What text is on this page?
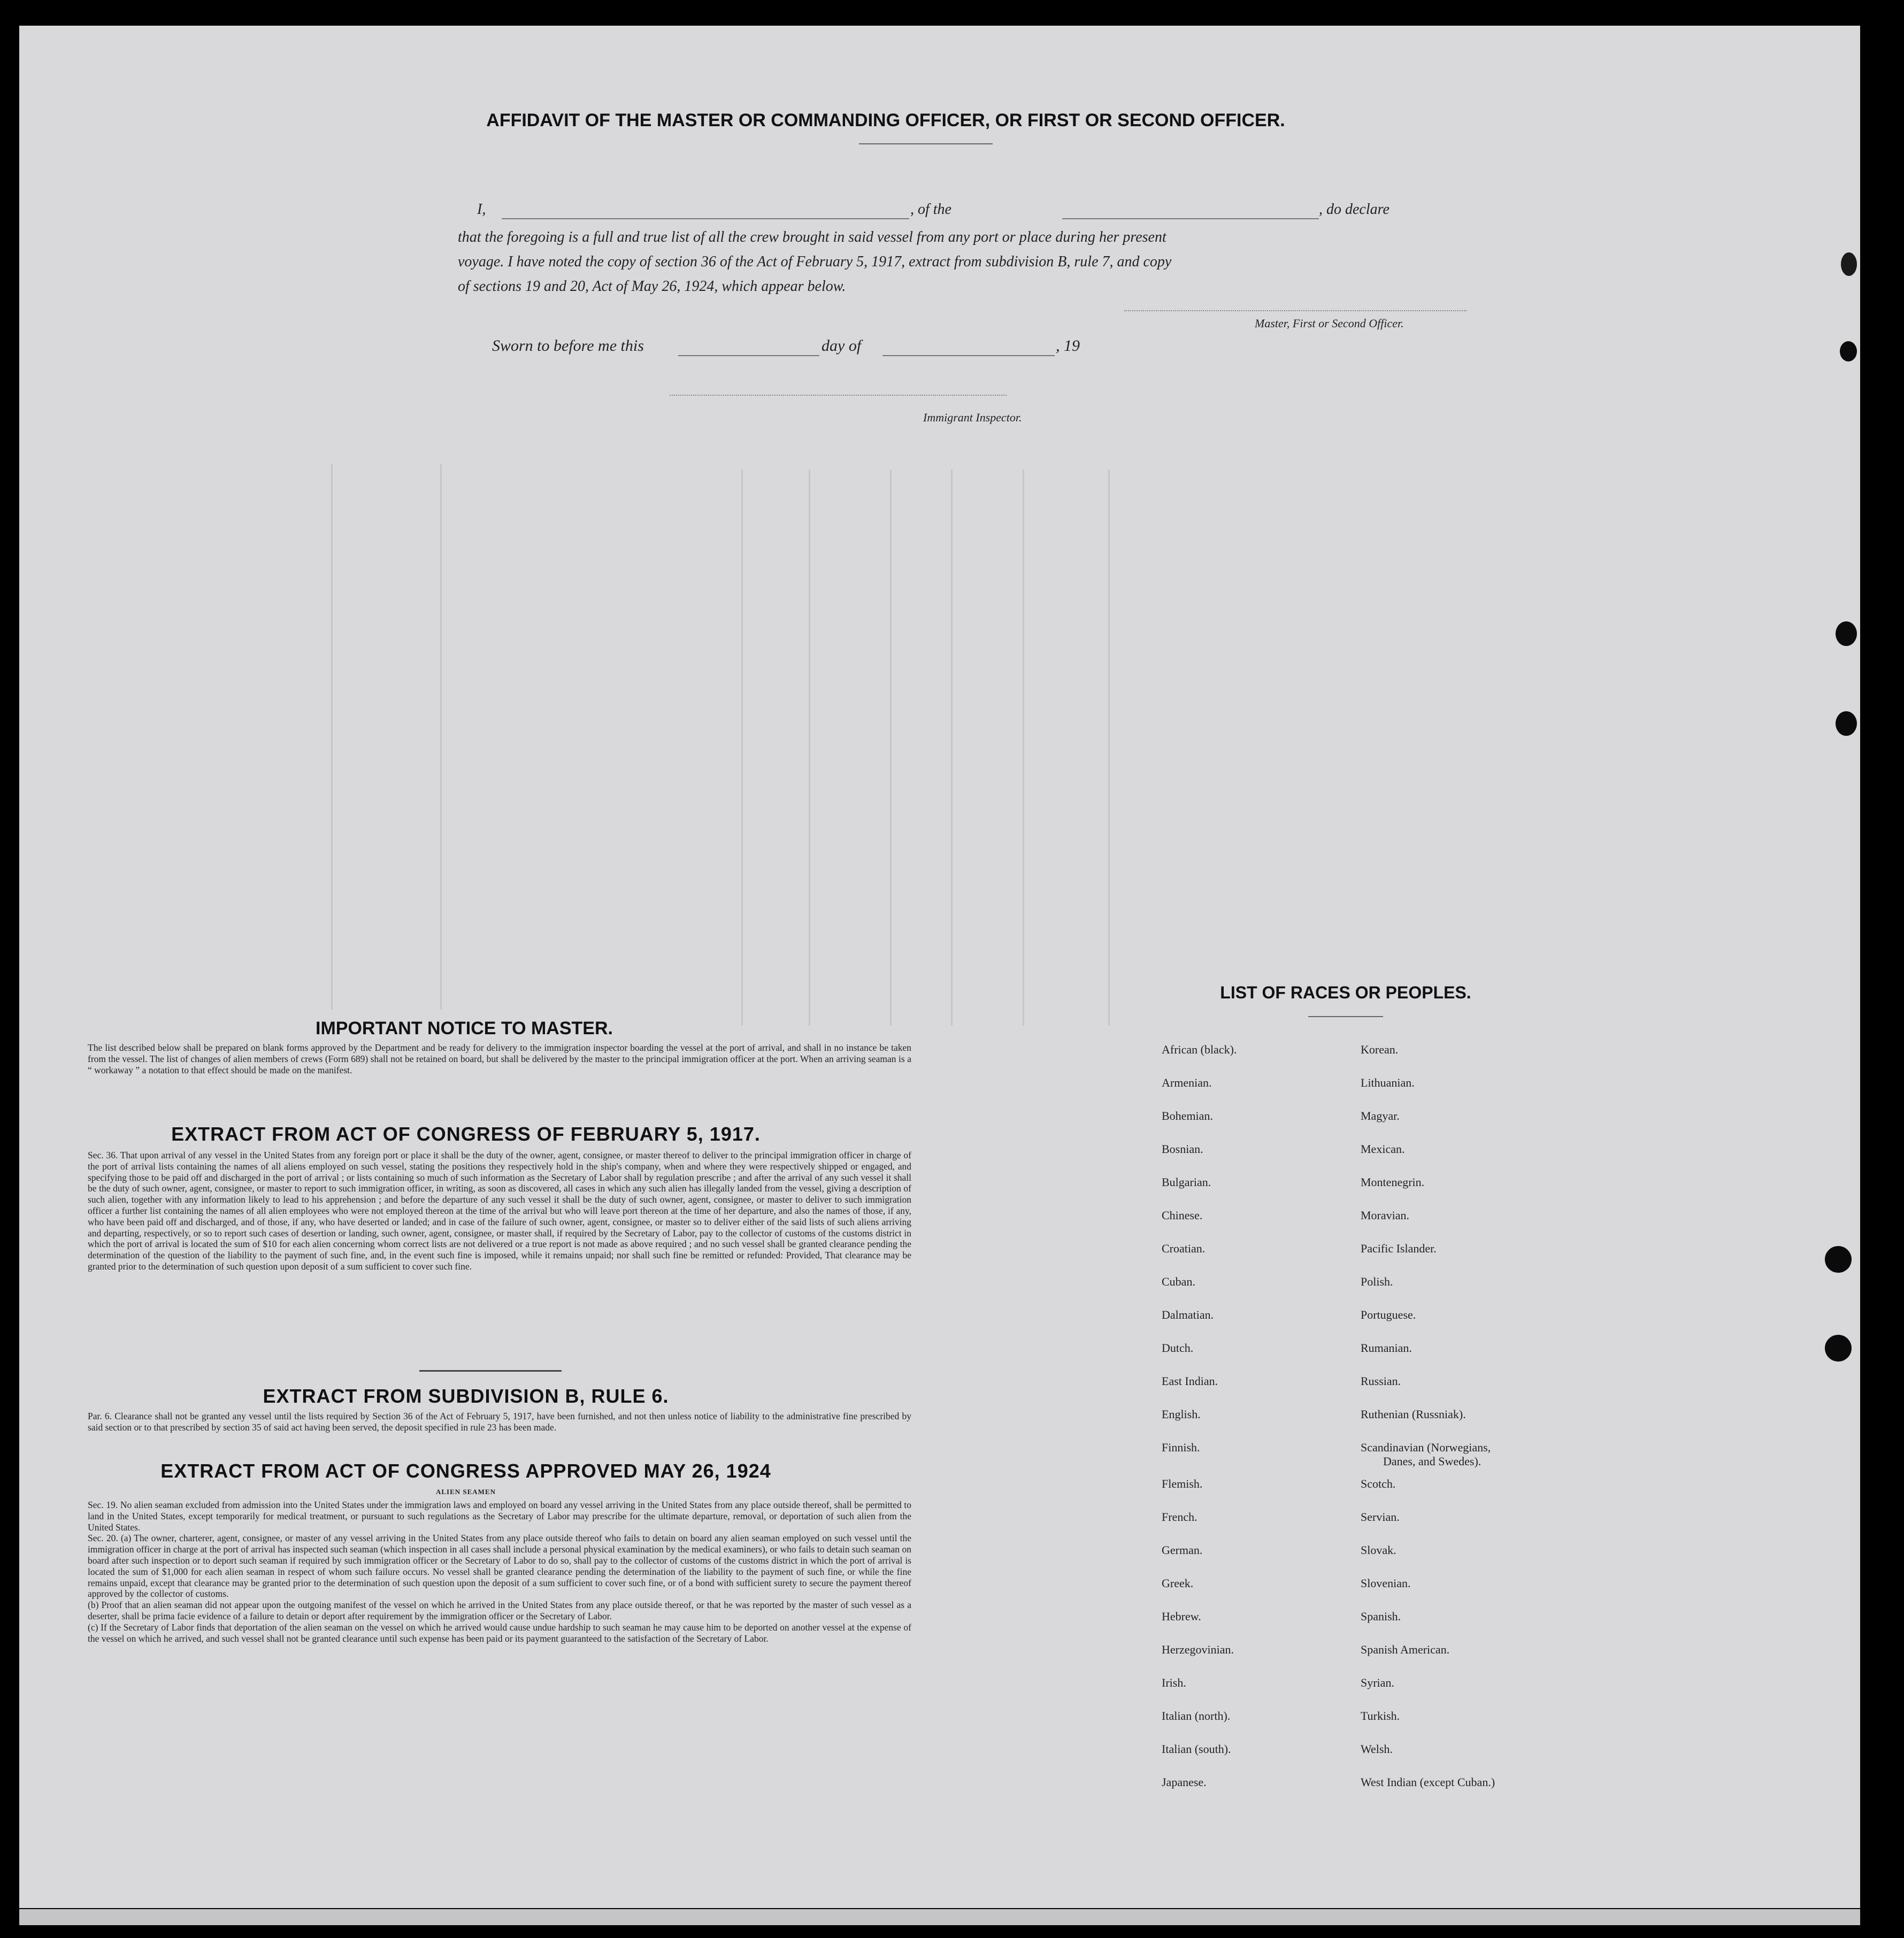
AFFIDAVIT OF THE MASTER OR COMMANDING OFFICER, OR FIRST OR SECOND OFFICER.
I,	, of the	, do declare
that the foregoing is a full and true list of all the crew brought in said vessel from any port or place during her present
voyage. I have noted the copy of section 36 of the Act of February 5, 1917, extract from subdivision B, rule 7, and copy
of sections 19 and 20, Act of May 26, 1924, which appear below.
Master, First or Second Officer.
Sworn to before me this	day of	, 19
Immigrant Inspector.
IMPORTANT NOTICE TO MASTER.
The list described below shall be prepared on blank forms approved by the Department and be ready for delivery to the immigration inspector boarding the vessel at the port of arrival, and shall in no instance be taken from the vessel. The list of changes of alien members of crews (Form 689) shall not be retained on board, but shall be delivered by the master to the principal immigration officer at the port. When an arriving seaman is a “ workaway ” a notation to that effect should be made on the manifest.
EXTRACT FROM ACT OF CONGRESS OF FEBRUARY 5, 1917.
Sec. 36. That upon arrival of any vessel in the United States from any foreign port or place it shall be the duty of the owner, agent, consignee, or master thereof to deliver to the principal immigration officer in charge of the port of arrival lists containing the names of all aliens employed on such vessel, stating the positions they respectively hold in the ship's company, when and where they were respectively shipped or engaged, and specifying those to be paid off and discharged in the port of arrival ; or lists containing so much of such information as the Secretary of Labor shall by regulation prescribe ; and after the arrival of any such vessel it shall be the duty of such owner, agent, consignee, or master to report to such immigration officer, in writing, as soon as discovered, all cases in which any such alien has illegally landed from the vessel, giving a description of such alien, together with any information likely to lead to his apprehension ; and before the departure of any such vessel it shall be the duty of such owner, agent, consignee, or master to deliver to such immigration officer a further list containing the names of all alien employees who were not employed thereon at the time of the arrival but who will leave port thereon at the time of her departure, and also the names of those, if any, who have been paid off and discharged, and of those, if any, who have deserted or landed; and in case of the failure of such owner, agent, consignee, or master so to deliver either of the said lists of such aliens arriving and departing, respectively, or so to report such cases of desertion or landing, such owner, agent, consignee, or master shall, if required by the Secretary of Labor, pay to the collector of customs of the customs district in which the port of arrival is located the sum of $10 for each alien concerning whom correct lists are not delivered or a true report is not made as above required ; and no such vessel shall be granted clearance pending the determination of the question of the liability to the payment of such fine, and, in the event such fine is imposed, while it remains unpaid; nor shall such fine be remitted or refunded: Provided, That clearance may be granted prior to the determination of such question upon deposit of a sum sufficient to cover such fine.
EXTRACT FROM SUBDIVISION B, RULE 6.
Par. 6. Clearance shall not be granted any vessel until the lists required by Section 36 of the Act of February 5, 1917, have been furnished, and not then unless notice of liability to the administrative fine prescribed by said section or to that prescribed by section 35 of said act having been served, the deposit specified in rule 23 has been made.
EXTRACT FROM ACT OF CONGRESS APPROVED MAY 26, 1924
ALIEN SEAMEN
Sec. 19. No alien seaman excluded from admission into the United States under the immigration laws and employed on board any vessel arriving in the United States from any place outside thereof, shall be permitted to land in the United States, except temporarily for medical treatment, or pursuant to such regulations as the Secretary of Labor may prescribe for the ultimate departure, removal, or deportation of such alien from the United States.
Sec. 20. (a) The owner, charterer, agent, consignee, or master of any vessel arriving in the United States from any place outside thereof who fails to detain on board any alien seaman employed on such vessel until the immigration officer in charge at the port of arrival has inspected such seaman (which inspection in all cases shall include a personal physical examination by the medical examiners), or who fails to detain such seaman on board after such inspection or to deport such seaman if required by such immigration officer or the Secretary of Labor to do so, shall pay to the collector of customs of the customs district in which the port of arrival is located the sum of $1,000 for each alien seaman in respect of whom such failure occurs. No vessel shall be granted clearance pending the determination of the liability to the payment of such fine, or while the fine remains unpaid, except that clearance may be granted prior to the determination of such question upon the deposit of a sum sufficient to cover such fine, or of a bond with sufficient surety to secure the payment thereof approved by the collector of customs.
(b) Proof that an alien seaman did not appear upon the outgoing manifest of the vessel on which he arrived in the United States from any place outside thereof, or that he was reported by the master of such vessel as a deserter, shall be prima facie evidence of a failure to detain or deport after requirement by the immigration officer or the Secretary of Labor.
(c) If the Secretary of Labor finds that deportation of the alien seaman on the vessel on which he arrived would cause undue hardship to such seaman he may cause him to be deported on another vessel at the expense of the vessel on which he arrived, and such vessel shall not be granted clearance until such expense has been paid or its payment guaranteed to the satisfaction of the Secretary of Labor.
LIST OF RACES OR PEOPLES.
African (black).
Armenian.
Bohemian.
Bosnian.
Bulgarian.
Chinese.
Croatian.
Cuban.
Dalmatian.
Dutch.
East Indian.
English.
Finnish.
Flemish.
French.
German.
Greek.
Hebrew.
Herzegovinian.
Irish.
Italian (north).
Italian (south).
Japanese.
Korean.
Lithuanian.
Magyar.
Mexican.
Montenegrin.
Moravian.
Pacific Islander.
Polish.
Portuguese.
Rumanian.
Russian.
Ruthenian (Russniak).
Scandinavian (Norwegians,
Danes, and Swedes).
Scotch.
Servian.
Slovak.
Slovenian.
Spanish.
Spanish American.
Syrian.
Turkish.
Welsh.
West Indian (except Cuban.)
